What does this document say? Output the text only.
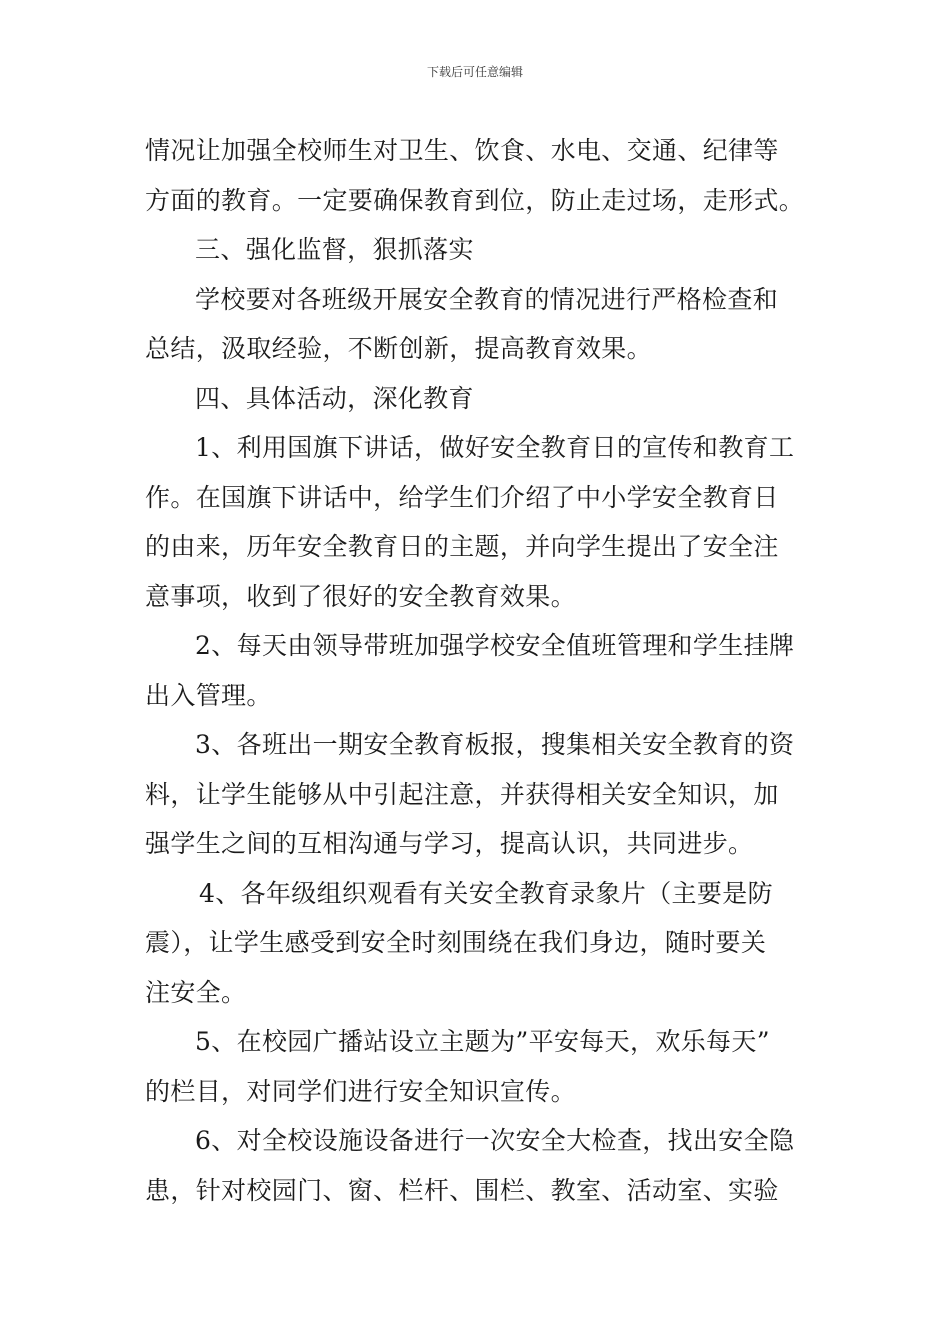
下载后可任意编辑
情况让加强全校师生对卫生、饮食、水电、交通、纪律等
方面的教育。一定要确保教育到位，防止走过场，走形式。
三、强化监督，狠抓落实
学校要对各班级开展安全教育的情况进行严格检查和
总结，汲取经验，不断创新，提高教育效果。
四、具体活动，深化教育
1、利用国旗下讲话，做好安全教育日的宣传和教育工
作。在国旗下讲话中，给学生们介绍了中小学安全教育日
的由来，历年安全教育日的主题，并向学生提出了安全注
意事项，收到了很好的安全教育效果。
2、每天由领导带班加强学校安全值班管理和学生挂牌
出入管理。
3、各班出一期安全教育板报，搜集相关安全教育的资
料，让学生能够从中引起注意，并获得相关安全知识，加
强学生之间的互相沟通与学习，提高认识，共同进步。
4、各年级组织观看有关安全教育录象片（主要是防
震），让学生感受到安全时刻围绕在我们身边，随时要关
注安全。
5、在校园广播站设立主题为”平安每天，欢乐每天”
的栏目，对同学们进行安全知识宣传。
6、对全校设施设备进行一次安全大检查，找出安全隐
患，针对校园门、窗、栏杆、围栏、教室、活动室、实验
